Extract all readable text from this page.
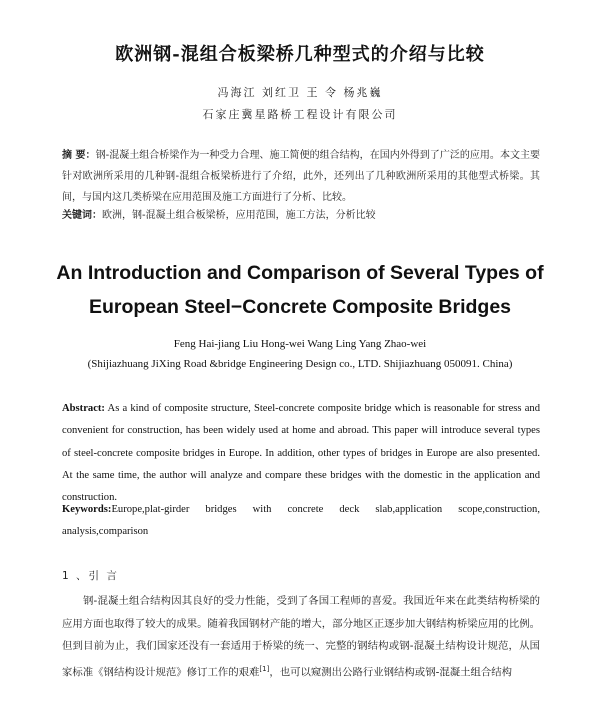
欧洲钢-混组合板梁桥几种型式的介绍与比较
冯海江 刘红卫 王 令 杨兆巍
石家庄冀星路桥工程设计有限公司
摘 要：钢-混凝土组合桥梁作为一种受力合理、施工简便的组合结构，在国内外得到了广泛的应用。本文主要针对欧洲所采用的几种钢-混组合板梁桥进行了介绍，此外，还列出了几种欧洲所采用的其他型式桥梁。其间，与国内这几类桥梁在应用范围及施工方面进行了分析、比较。
关键词：欧洲，钢-混凝土组合板梁桥，应用范围，施工方法，分析比较
An Introduction and Comparison of Several Types of
European Steel−Concrete Composite Bridges
Feng Hai-jiang Liu Hong-wei Wang Ling Yang Zhao-wei
(Shijiazhuang JiXing Road &bridge Engineering Design co., LTD. Shijiazhuang 050091. China)
Abstract: As a kind of composite structure, Steel-concrete composite bridge which is reasonable for stress and convenient for construction, has been widely used at home and abroad. This paper will introduce several types of steel-concrete composite bridges in Europe. In addition, other types of bridges in Europe are also presented. At the same time, the author will analyze and compare these bridges with the domestic in the application and construction.
Keywords:Europe,plat-girder bridges with concrete deck slab,application scope,construction, analysis,comparison
1 、引 言
钢-混凝土组合结构因其良好的受力性能，受到了各国工程师的喜爱。我国近年来在此类结构桥梁的应用方面也取得了较大的成果。随着我国钢材产能的增大，部分地区正逐步加大钢结构桥梁应用的比例。但到目前为止，我们国家还没有一套适用于桥梁的统一、完整的钢结构或钢-混凝土结构设计规范，从国家标准《钢结构设计规范》修订工作的艰难[1]，也可以窥测出公路行业钢结构或钢-混凝土组合结构
